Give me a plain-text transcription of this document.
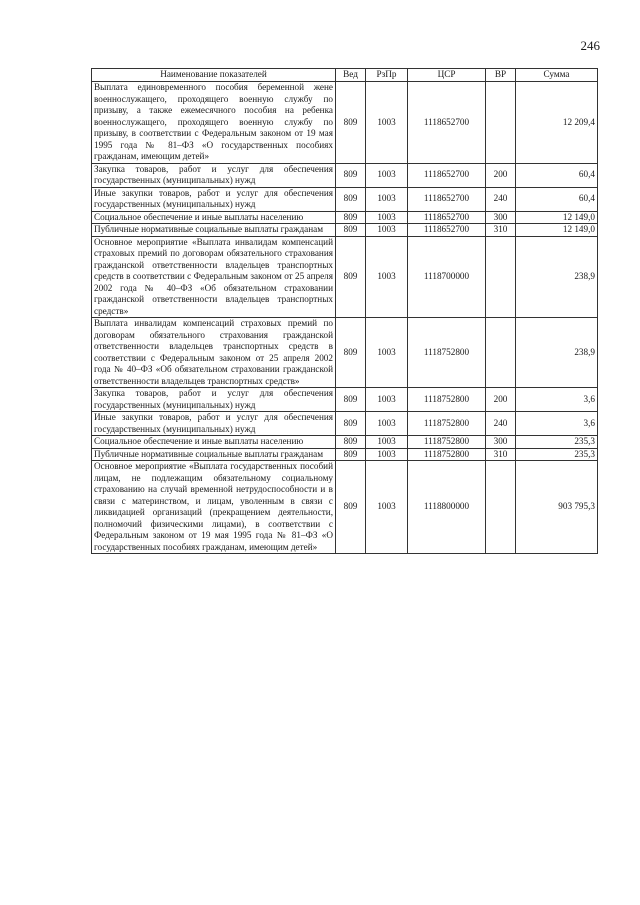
246
Наименование показателей	Вед	РзПр	ЦСР	ВР	Сумма
Выплата единовременного пособия беременной жене военнослужащего, проходящего военную службу по призыву, а также ежемесячного пособия на ребенка военнослужащего, проходящего военную службу по призыву, в соответствии с Федеральным законом от 19 мая 1995 года № 81–ФЗ «О государственных пособиях гражданам, имеющим детей»	809	1003	1118652700		12 209,4
Закупка товаров, работ и услуг для обеспечения государственных (муниципальных) нужд	809	1003	1118652700	200	60,4
Иные закупки товаров, работ и услуг для обеспечения государственных (муниципальных) нужд	809	1003	1118652700	240	60,4
Социальное обеспечение и иные выплаты населению	809	1003	1118652700	300	12 149,0
Публичные нормативные социальные выплаты гражданам	809	1003	1118652700	310	12 149,0
Основное мероприятие «Выплата инвалидам компенсаций страховых премий по договорам обязательного страхования гражданской ответственности владельцев транспортных средств в соответствии с Федеральным законом от 25 апреля 2002 года № 40–ФЗ «Об обязательном страховании гражданской ответственности владельцев транспортных средств»	809	1003	1118700000		238,9
Выплата инвалидам компенсаций страховых премий по договорам обязательного страхования гражданской ответственности владельцев транспортных средств в соответствии с Федеральным законом от 25 апреля 2002 года № 40–ФЗ «Об обязательном страховании гражданской ответственности владельцев транспортных средств»	809	1003	1118752800		238,9
Закупка товаров, работ и услуг для обеспечения государственных (муниципальных) нужд	809	1003	1118752800	200	3,6
Иные закупки товаров, работ и услуг для обеспечения государственных (муниципальных) нужд	809	1003	1118752800	240	3,6
Социальное обеспечение и иные выплаты населению	809	1003	1118752800	300	235,3
Публичные нормативные социальные выплаты гражданам	809	1003	1118752800	310	235,3
Основное мероприятие «Выплата государственных пособий лицам, не подлежащим обязательному социальному страхованию на случай временной нетрудоспособности и в связи с материнством, и лицам, уволенным в связи с ликвидацией организаций (прекращением деятельности, полномочий физическими лицами), в соответствии с Федеральным законом от 19 мая 1995 года № 81–ФЗ «О государственных пособиях гражданам, имеющим детей»	809	1003	1118800000		903 795,3
